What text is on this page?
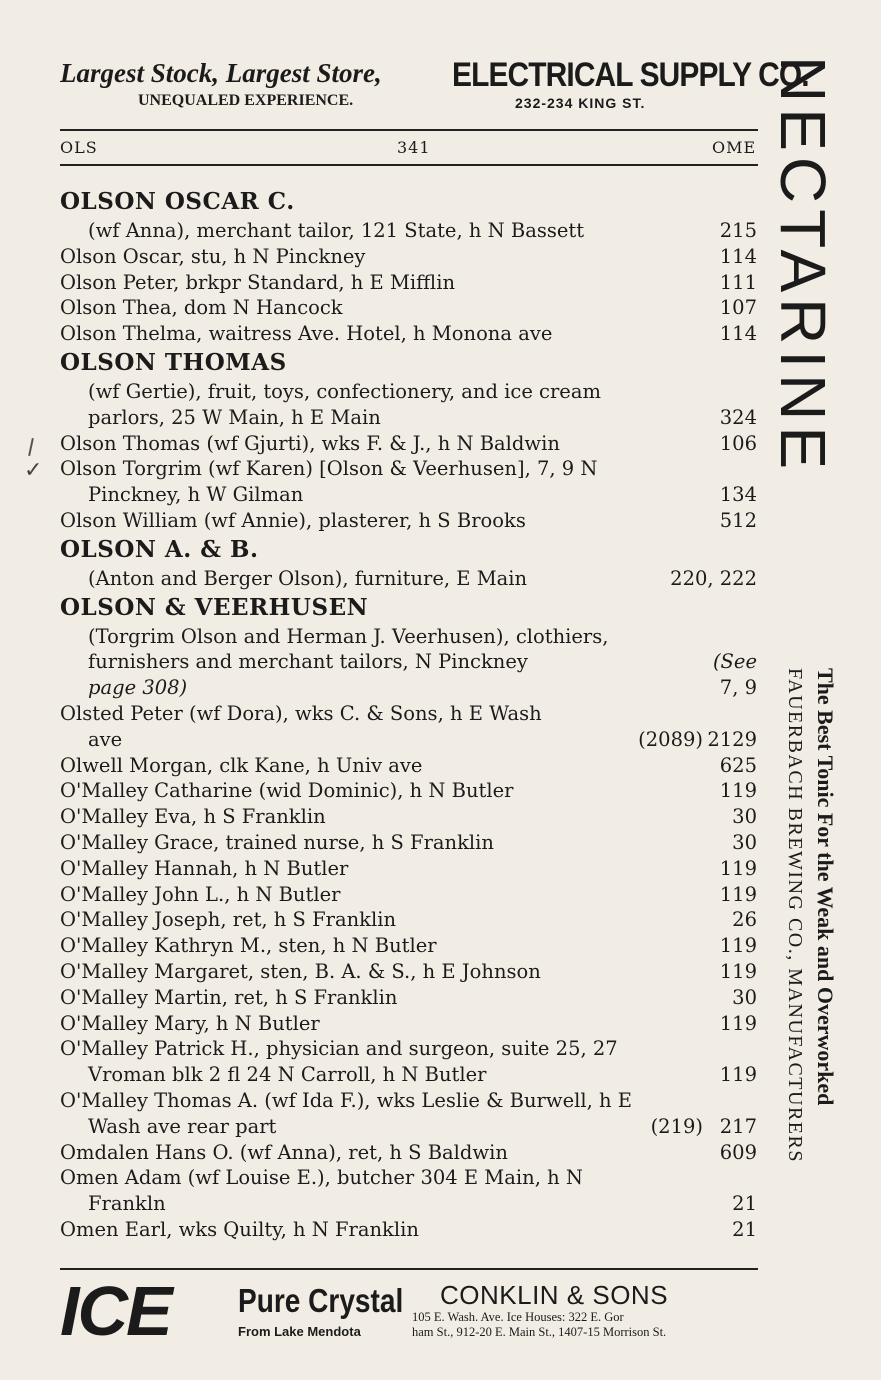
Largest Stock, Largest Store, ELECTRICAL SUPPLY CO.
UNEQUALED EXPERIENCE.	232-234 KING ST.
OLS	341	OME
✓
OLSON OSCAR C.
(wf Anna), merchant tailor, 121 State, h N Bassett	215
Olson Oscar, stu, h N Pinckney	114
Olson Peter, brkpr Standard, h E Mifflin	111
Olson Thea, dom N Hancock	107
Olson Thelma, waitress Ave. Hotel, h Monona ave	114
OLSON THOMAS
(wf Gertie), fruit, toys, confectionery, and ice cream
parlors, 25 W Main, h E Main	324
Olson Thomas (wf Gjurti), wks F. & J., h N Baldwin	106
Olson Torgrim (wf Karen) [Olson & Veerhusen], 7, 9 N
Pinckney, h W Gilman	134
Olson William (wf Annie), plasterer, h S Brooks	512
OLSON A. & B.
(Anton and Berger Olson), furniture, E Main	220, 222
OLSON & VEERHUSEN
(Torgrim Olson and Herman J. Veerhusen), clothiers,
furnishers and merchant tailors, N Pinckney	(See
page 308)	7, 9
Olsted Peter (wf Dora), wks C. & Sons, h E Wash
ave	(2089) 2129
Olwell Morgan, clk Kane, h Univ ave	625
O'Malley Catharine (wid Dominic), h N Butler	119
O'Malley Eva, h S Franklin	30
O'Malley Grace, trained nurse, h S Franklin	30
O'Malley Hannah, h N Butler	119
O'Malley John L., h N Butler	119
O'Malley Joseph, ret, h S Franklin	26
O'Malley Kathryn M., sten, h N Butler	119
O'Malley Margaret, sten, B. A. & S., h E Johnson	119
O'Malley Martin, ret, h S Franklin	30
O'Malley Mary, h N Butler	119
O'Malley Patrick H., physician and surgeon, suite 25, 27
Vroman blk 2 fl 24 N Carroll, h N Butler	119
O'Malley Thomas A. (wf Ida F.), wks Leslie & Burwell, h E
Wash ave rear part	(219) 217
Omdalen Hans O. (wf Anna), ret, h S Baldwin	609
Omen Adam (wf Louise E.), butcher 304 E Main, h N
Frankln	21
Omen Earl, wks Quilty, h N Franklin	21
NECTARINE
The Best Tonic For the Weak and Overworked
FAUERBACH BREWING CO., MANUFACTURERS
ICE Pure Crystal
From Lake Mendota
CONKLIN & SONS
105 E. Wash. Ave. Ice Houses: 322 E. Gor
ham St., 912-20 E. Main St., 1407-15 Morrison St.
